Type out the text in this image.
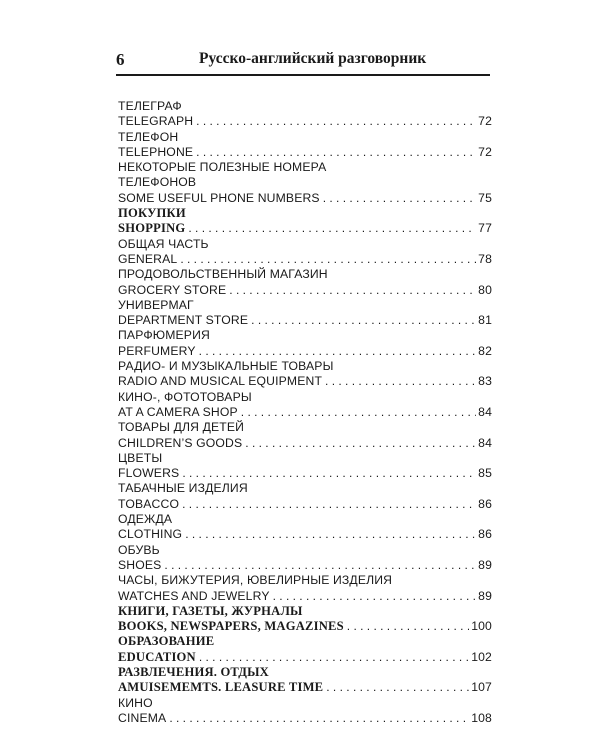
6	Русско-английский разговорник
ТЕЛЕГРАФ
TELEGRAPH . . .	72
ТЕЛЕФОН
TELEPHONE . . .	72
НЕКОТОРЫЕ ПОЛЕЗНЫЕ НОМЕРА
ТЕЛЕФОНОВ
SOME USEFUL PHONE NUMBERS . . .	75
ПОКУПКИ
SHOPPING . . .	77
ОБЩАЯ ЧАСТЬ
GENERAL . . .	78
ПРОДОВОЛЬСТВЕННЫЙ МАГАЗИН
GROCERY STORE . . .	80
УНИВЕРМАГ
DEPARTMENT STORE . . .	81
ПАРФЮМЕРИЯ
PERFUMERY . . .	82
РАДИО- И МУЗЫКАЛЬНЫЕ ТОВАРЫ
RADIO AND MUSICAL EQUIPMENT . . .	83
КИНО-, ФОТОТОВАРЫ
AT A CAMERA SHOP . . .	84
ТОВАРЫ ДЛЯ ДЕТЕЙ
CHILDREN’S GOODS . . .	84
ЦВЕТЫ
FLOWERS . . .	85
ТАБАЧНЫЕ ИЗДЕЛИЯ
TOBACCO . . .	86
ОДЕЖДА
CLOTHING . . .	86
ОБУВЬ
SHOES . . .	89
ЧАСЫ, БИЖУТЕРИЯ, ЮВЕЛИРНЫЕ ИЗДЕЛИЯ
WATCHES AND JEWELRY . . .	89
КНИГИ, ГАЗЕТЫ, ЖУРНАЛЫ
BOOKS, NEWSPAPERS, MAGAZINES . . .	100
ОБРАЗОВАНИЕ
EDUCATION . . .	102
РАЗВЛЕЧЕНИЯ. ОТДЫХ
AMUISEMEMTS. LEASURE TIME . . .	107
КИНО
CINEMA . . .	108
